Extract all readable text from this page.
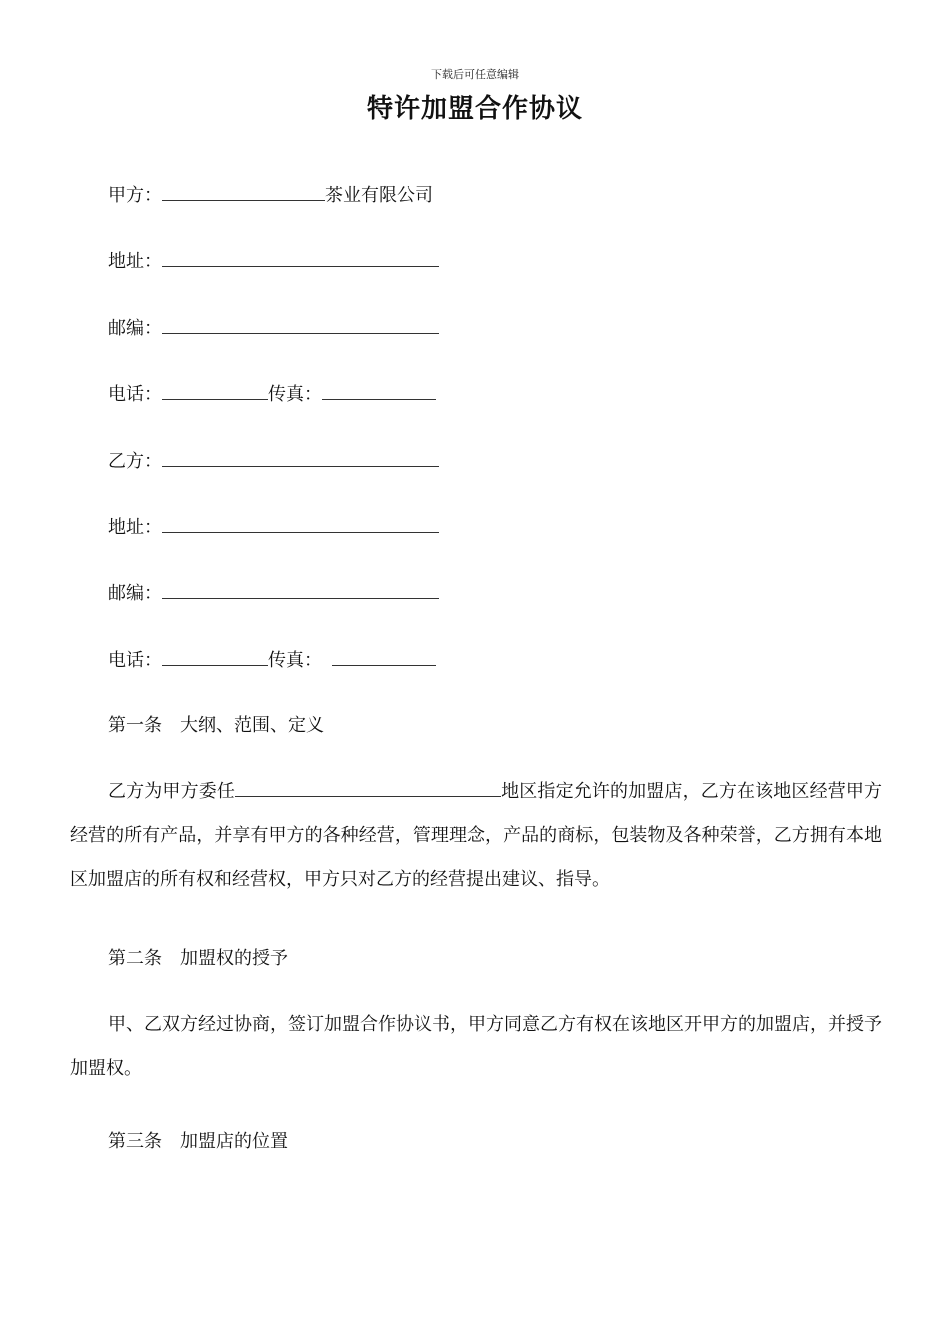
下载后可任意编辑
特许加盟合作协议
甲方：	茶业有限公司
地址：
邮编：
电话：	传真：
乙方：
地址：
邮编：
电话：	传真：
第一条　大纲、范围、定义
乙方为甲方委任	地区指定允许的加盟店，乙方在该地区经营甲方经营的所有产品，并享有甲方的各种经营，管理理念，产品的商标，包装物及各种荣誉，乙方拥有本地区加盟店的所有权和经营权，甲方只对乙方的经营提出建议、指导。
第二条　加盟权的授予
甲、乙双方经过协商，签订加盟合作协议书，甲方同意乙方有权在该地区开甲方的加盟店，并授予加盟权。
第三条　加盟店的位置
